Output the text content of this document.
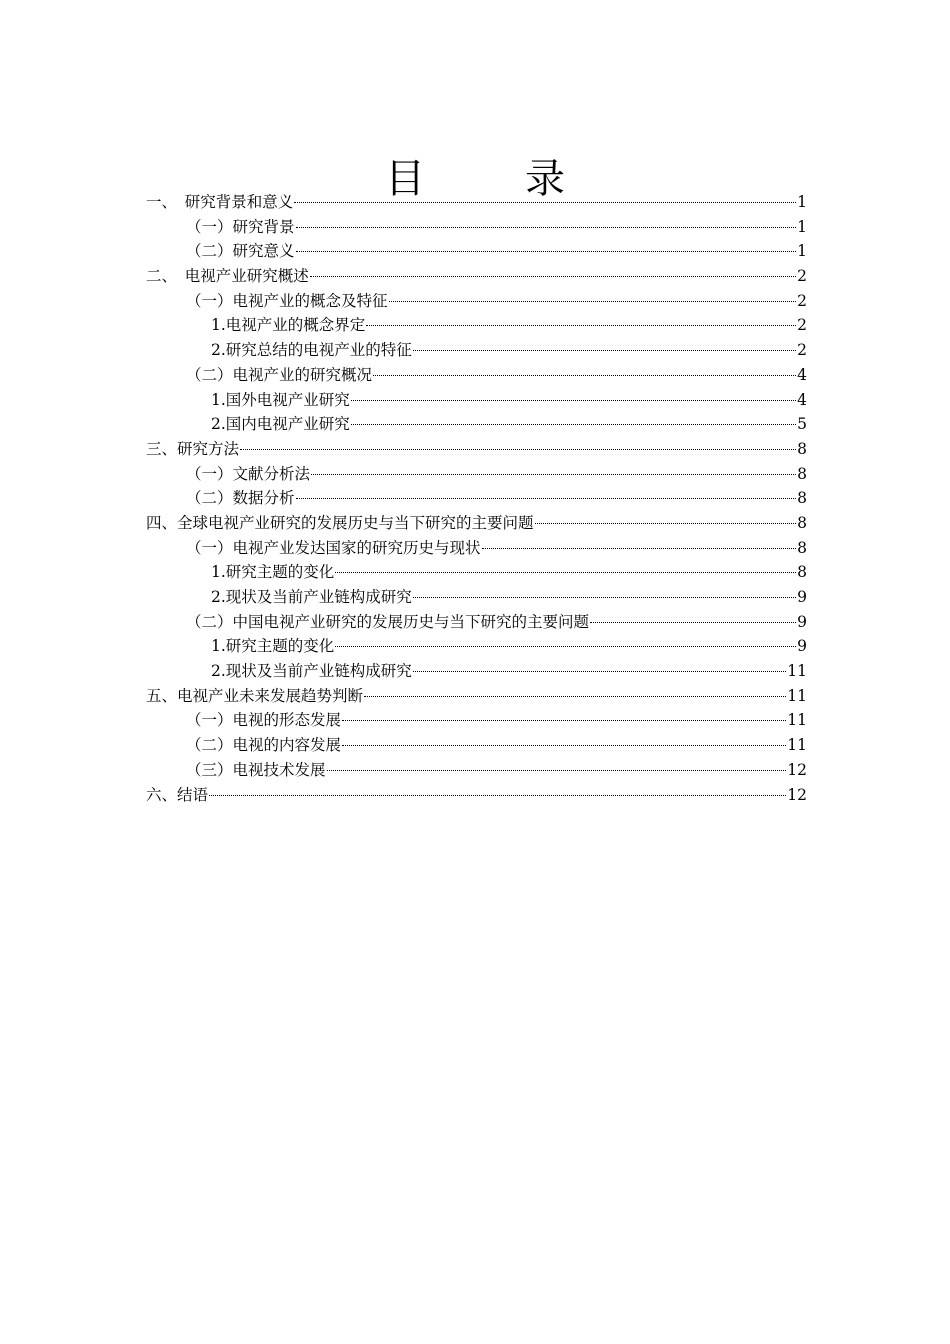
目　录
一、　研究背景和意义	1
（一）研究背景	1
（二）研究意义	1
二、　电视产业研究概述	2
（一）电视产业的概念及特征	2
1.电视产业的概念界定	2
2.研究总结的电视产业的特征	2
（二）电视产业的研究概况	4
1.国外电视产业研究	4
2.国内电视产业研究	5
三、研究方法	8
（一）文献分析法	8
（二）数据分析	8
四、全球电视产业研究的发展历史与当下研究的主要问题	8
（一）电视产业发达国家的研究历史与现状	8
1.研究主题的变化	8
2.现状及当前产业链构成研究	9
（二）中国电视产业研究的发展历史与当下研究的主要问题	9
1.研究主题的变化	9
2.现状及当前产业链构成研究	11
五、电视产业未来发展趋势判断	11
（一）电视的形态发展	11
（二）电视的内容发展	11
（三）电视技术发展	12
六、结语	12
